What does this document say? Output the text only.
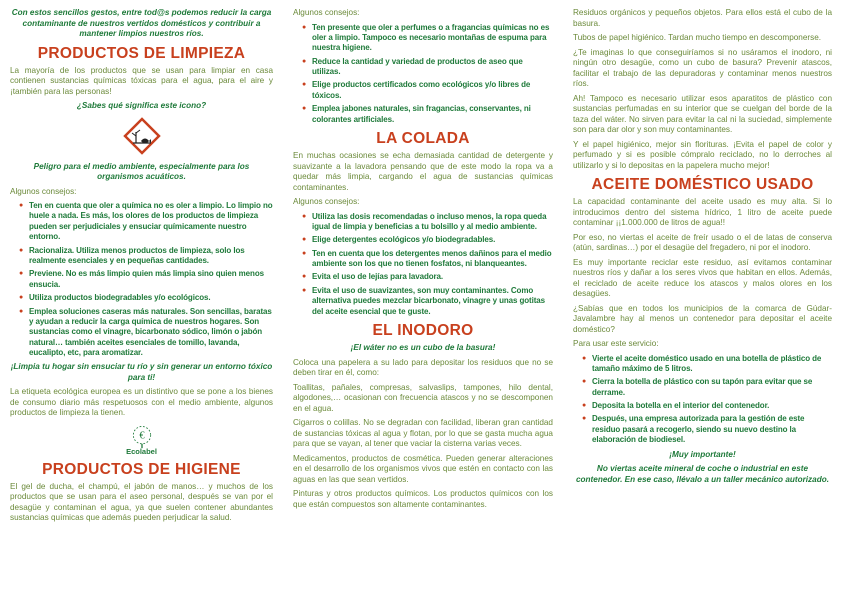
Con estos sencillos gestos, entre tod@s podemos reducir la carga contaminante de nuestros vertidos domésticos y contribuir a mantener limpios nuestros ríos.

PRODUCTOS DE LIMPIEZA

La mayoría de los productos que se usan para limpiar en casa contienen sustancias químicas tóxicas para el agua, para el aire y ¡también para las personas!

¿Sabes qué significa este icono?

Peligro para el medio ambiente, especialmente para los organismos acuáticos.

Algunos consejos:

● Ten en cuenta que oler a química no es oler a limpio. Lo limpio no huele a nada. Es más, los olores de los productos de limpieza pueden ser perjudiciales y ensuciar químicamente nuestro entorno.
● Racionaliza. Utiliza menos productos de limpieza, solo los realmente esenciales y en pequeñas cantidades.
● Previene. No es más limpio quien más limpia sino quien menos ensucia.
● Utiliza productos biodegradables y/o ecológicos.
● Emplea soluciones caseras más naturales. Son sencillas, baratas y ayudan a reducir la carga química de nuestros hogares. Son sustancias como el vinagre, bicarbonato sódico, limón o jabón natural… también aceites esenciales de tomillo, lavanda, eucalipto, etc, para aromatizar.

¡Limpia tu hogar sin ensuciar tu río y sin generar un entorno tóxico para ti!

La etiqueta ecológica europea es un distintivo que se pone a los bienes de consumo diario más respetuosos con el medio ambiente, algunos productos de limpieza la tienen.

€
Ecolabel
PRODUCTOS DE HIGIENE

El gel de ducha, el champú, el jabón de manos… y muchos de los productos que se usan para el aseo personal, después se van por el desagüe y contaminan el agua, ya que suelen contener abundantes sustancias químicas que además pueden perjudicar la salud.

Algunos consejos:

● Ten presente que oler a perfumes o a fragancias químicas no es oler a limpio. Tampoco es necesario montañas de espuma para nuestra higiene.
● Reduce la cantidad y variedad de productos de aseo que utilizas.
● Elige productos certificados como ecológicos y/o libres de tóxicos.
● Emplea jabones naturales, sin fragancias, conservantes, ni colorantes artificiales.
LA COLADA

En muchas ocasiones se echa demasiada cantidad de detergente y suavizante a la lavadora pensando que de este modo la ropa va a quedar más limpia, cargando el agua de sustancias químicas contaminantes.

Algunos consejos:

● Utiliza las dosis recomendadas o incluso menos, la ropa queda igual de limpia y beneficias a tu bolsillo y al medio ambiente.
● Elige detergentes ecológicos y/o biodegradables.
● Ten en cuenta que los detergentes menos dañinos para el medio ambiente son los que no tienen fosfatos, ni blanqueantes.
● Evita el uso de lejías para lavadora.
● Evita el uso de suavizantes, son muy contaminantes. Como alternativa puedes mezclar bicarbonato, vinagre y unas gotitas del aceite esencial que te guste.
EL INODORO

¡El wáter no es un cubo de la basura!

Coloca una papelera a su lado para depositar los residuos que no se deben tirar en él, como:

Toallitas, pañales, compresas, salvaslips, tampones, hilo dental, algodones,… ocasionan con frecuencia atascos y no se descomponen en el agua.

Cigarros o colillas. No se degradan con facilidad, liberan gran cantidad de sustancias tóxicas al agua y flotan, por lo que se gasta mucha agua para que se vayan, al tener que vaciar la cisterna varias veces.

Medicamentos, productos de cosmética. Pueden generar alteraciones en el desarrollo de los organismos vivos que estén en contacto con las aguas en las que sean vertidos.

Pinturas y otros productos químicos. Los productos químicos con los que están compuestos son altamente contaminantes.

Residuos orgánicos y pequeños objetos. Para ellos está el cubo de la basura.

Tubos de papel higiénico. Tardan mucho tiempo en descomponerse.

¿Te imaginas lo que conseguiríamos si no usáramos el inodoro, ni ningún otro desagüe, como un cubo de basura? Prevenir atascos, facilitar el trabajo de las depuradoras y contaminar menos nuestros ríos.

Ah! Tampoco es necesario utilizar esos aparatitos de plástico con sustancias perfumadas en su interior que se cuelgan del borde de la taza del wáter. No sirven para evitar la cal ni la suciedad, simplemente son para dar olor y son muy contaminantes.

Y el papel higiénico, mejor sin florituras. ¡Evita el papel de color y perfumado y si es posible cómpralo reciclado, no lo derroches al utilizarlo y si lo depositas en la papelera mucho mejor!

ACEITE DOMÉSTICO USADO

La capacidad contaminante del aceite usado es muy alta. Si lo introducimos dentro del sistema hídrico, 1 litro de aceite puede contaminar ¡¡1.000.000 de litros de agua!!

Por eso, no viertas el aceite de freír usado o el de latas de conserva (atún, sardinas…) por el desagüe del fregadero, ni por el inodoro.

Es muy importante reciclar este residuo, así evitamos contaminar nuestros ríos y dañar a los seres vivos que habitan en ellos. Además, el reciclado de aceite reduce los atascos y malos olores en los desagües.

¿Sabías que en todos los municipios de la comarca de Gúdar-Javalambre hay al menos un contenedor para depositar el aceite doméstico?

Para usar este servicio:

● Vierte el aceite doméstico usado en una botella de plástico de tamaño máximo de 5 litros.
● Cierra la botella de plástico con su tapón para evitar que se derrame.
● Deposita la botella en el interior del contenedor.
● Después, una empresa autorizada para la gestión de este residuo pasará a recogerlo, siendo su nuevo destino la elaboración de biodiesel.

¡Muy importante!

No viertas aceite mineral de coche o industrial en este contenedor. En ese caso, llévalo a un taller mecánico autorizado.
